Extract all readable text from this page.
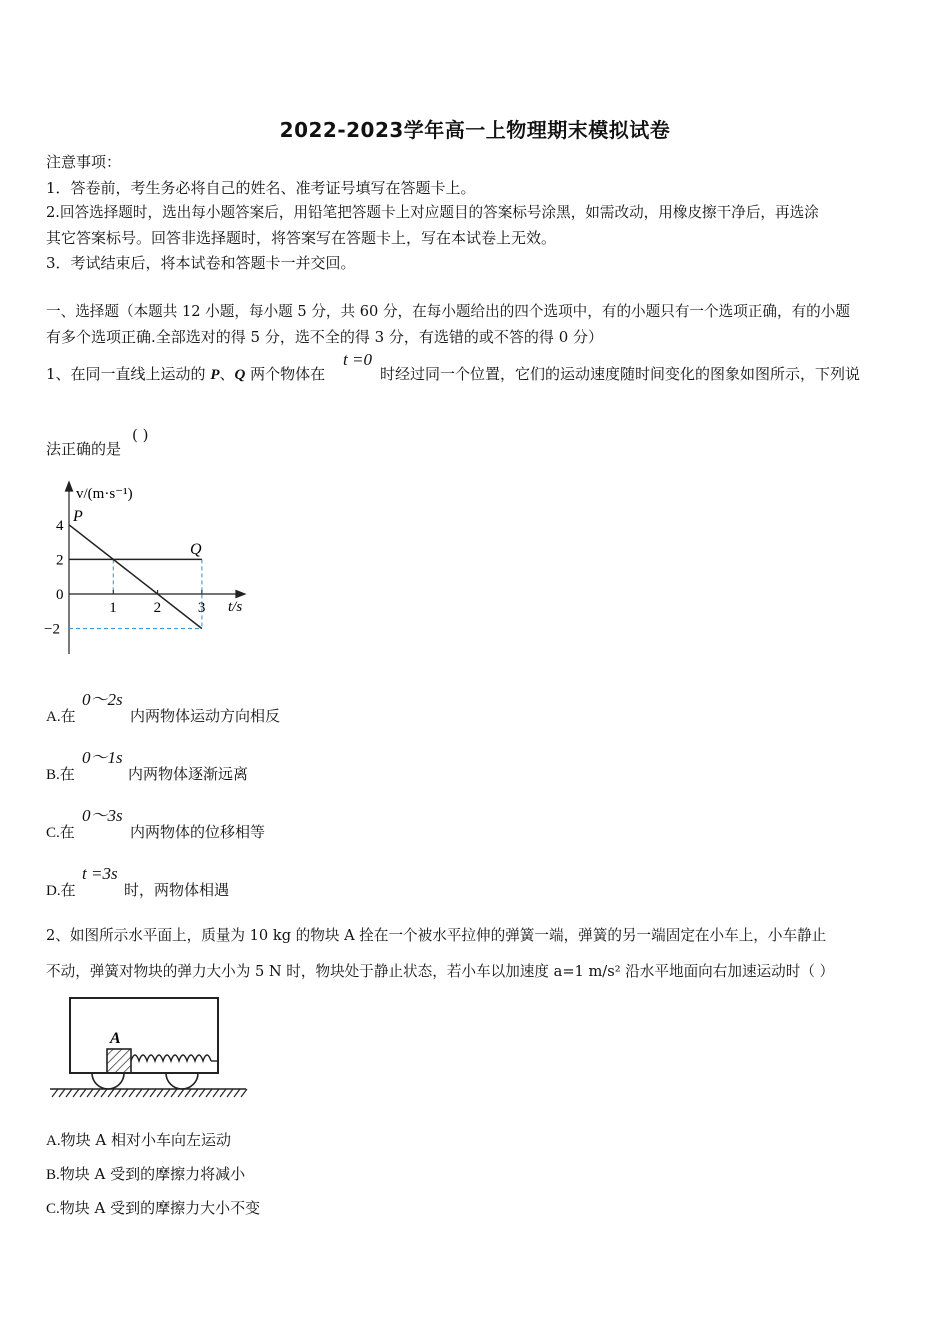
2022-2023学年高一上物理期末模拟试卷
注意事项：
1．答卷前，考生务必将自己的姓名、准考证号填写在答题卡上。
2.回答选择题时，选出每小题答案后，用铅笔把答题卡上对应题目的答案标号涂黑，如需改动，用橡皮擦干净后，再选涂
其它答案标号。回答非选择题时，将答案写在答题卡上，写在本试卷上无效。
3．考试结束后，将本试卷和答题卡一并交回。
一、选择题（本题共 12 小题，每小题 5 分，共 60 分，在每小题给出的四个选项中，有的小题只有一个选项正确，有的小题
有多个选项正确.全部选对的得 5 分，选不全的得 3 分，有选错的或不答的得 0 分）
1、在同一直线上运动的 P、Q 两个物体在
t =0
时经过同一个位置，它们的运动速度随时间变化的图象如图所示，下列说
法正确的是
( )
1 2 3
4
2
0
−2
v/(m·s⁻¹)
t/s
P
Q
A.在
0～2s
内两物体运动方向相反
B.在
0～1s
内两物体逐渐远离
C.在
0～3s
内两物体的位移相等
D.在
t =3s
时，两物体相遇
2、如图所示水平面上，质量为 10 kg 的物块 A 拴在一个被水平拉伸的弹簧一端，弹簧的另一端固定在小车上，小车静止
不动，弹簧对物块的弹力大小为 5 N 时，物块处于静止状态，若小车以加速度 a=1 m/s² 沿水平地面向右加速运动时（ ）
A
A.物块 A 相对小车向左运动
B.物块 A 受到的摩擦力将减小
C.物块 A 受到的摩擦力大小不变
